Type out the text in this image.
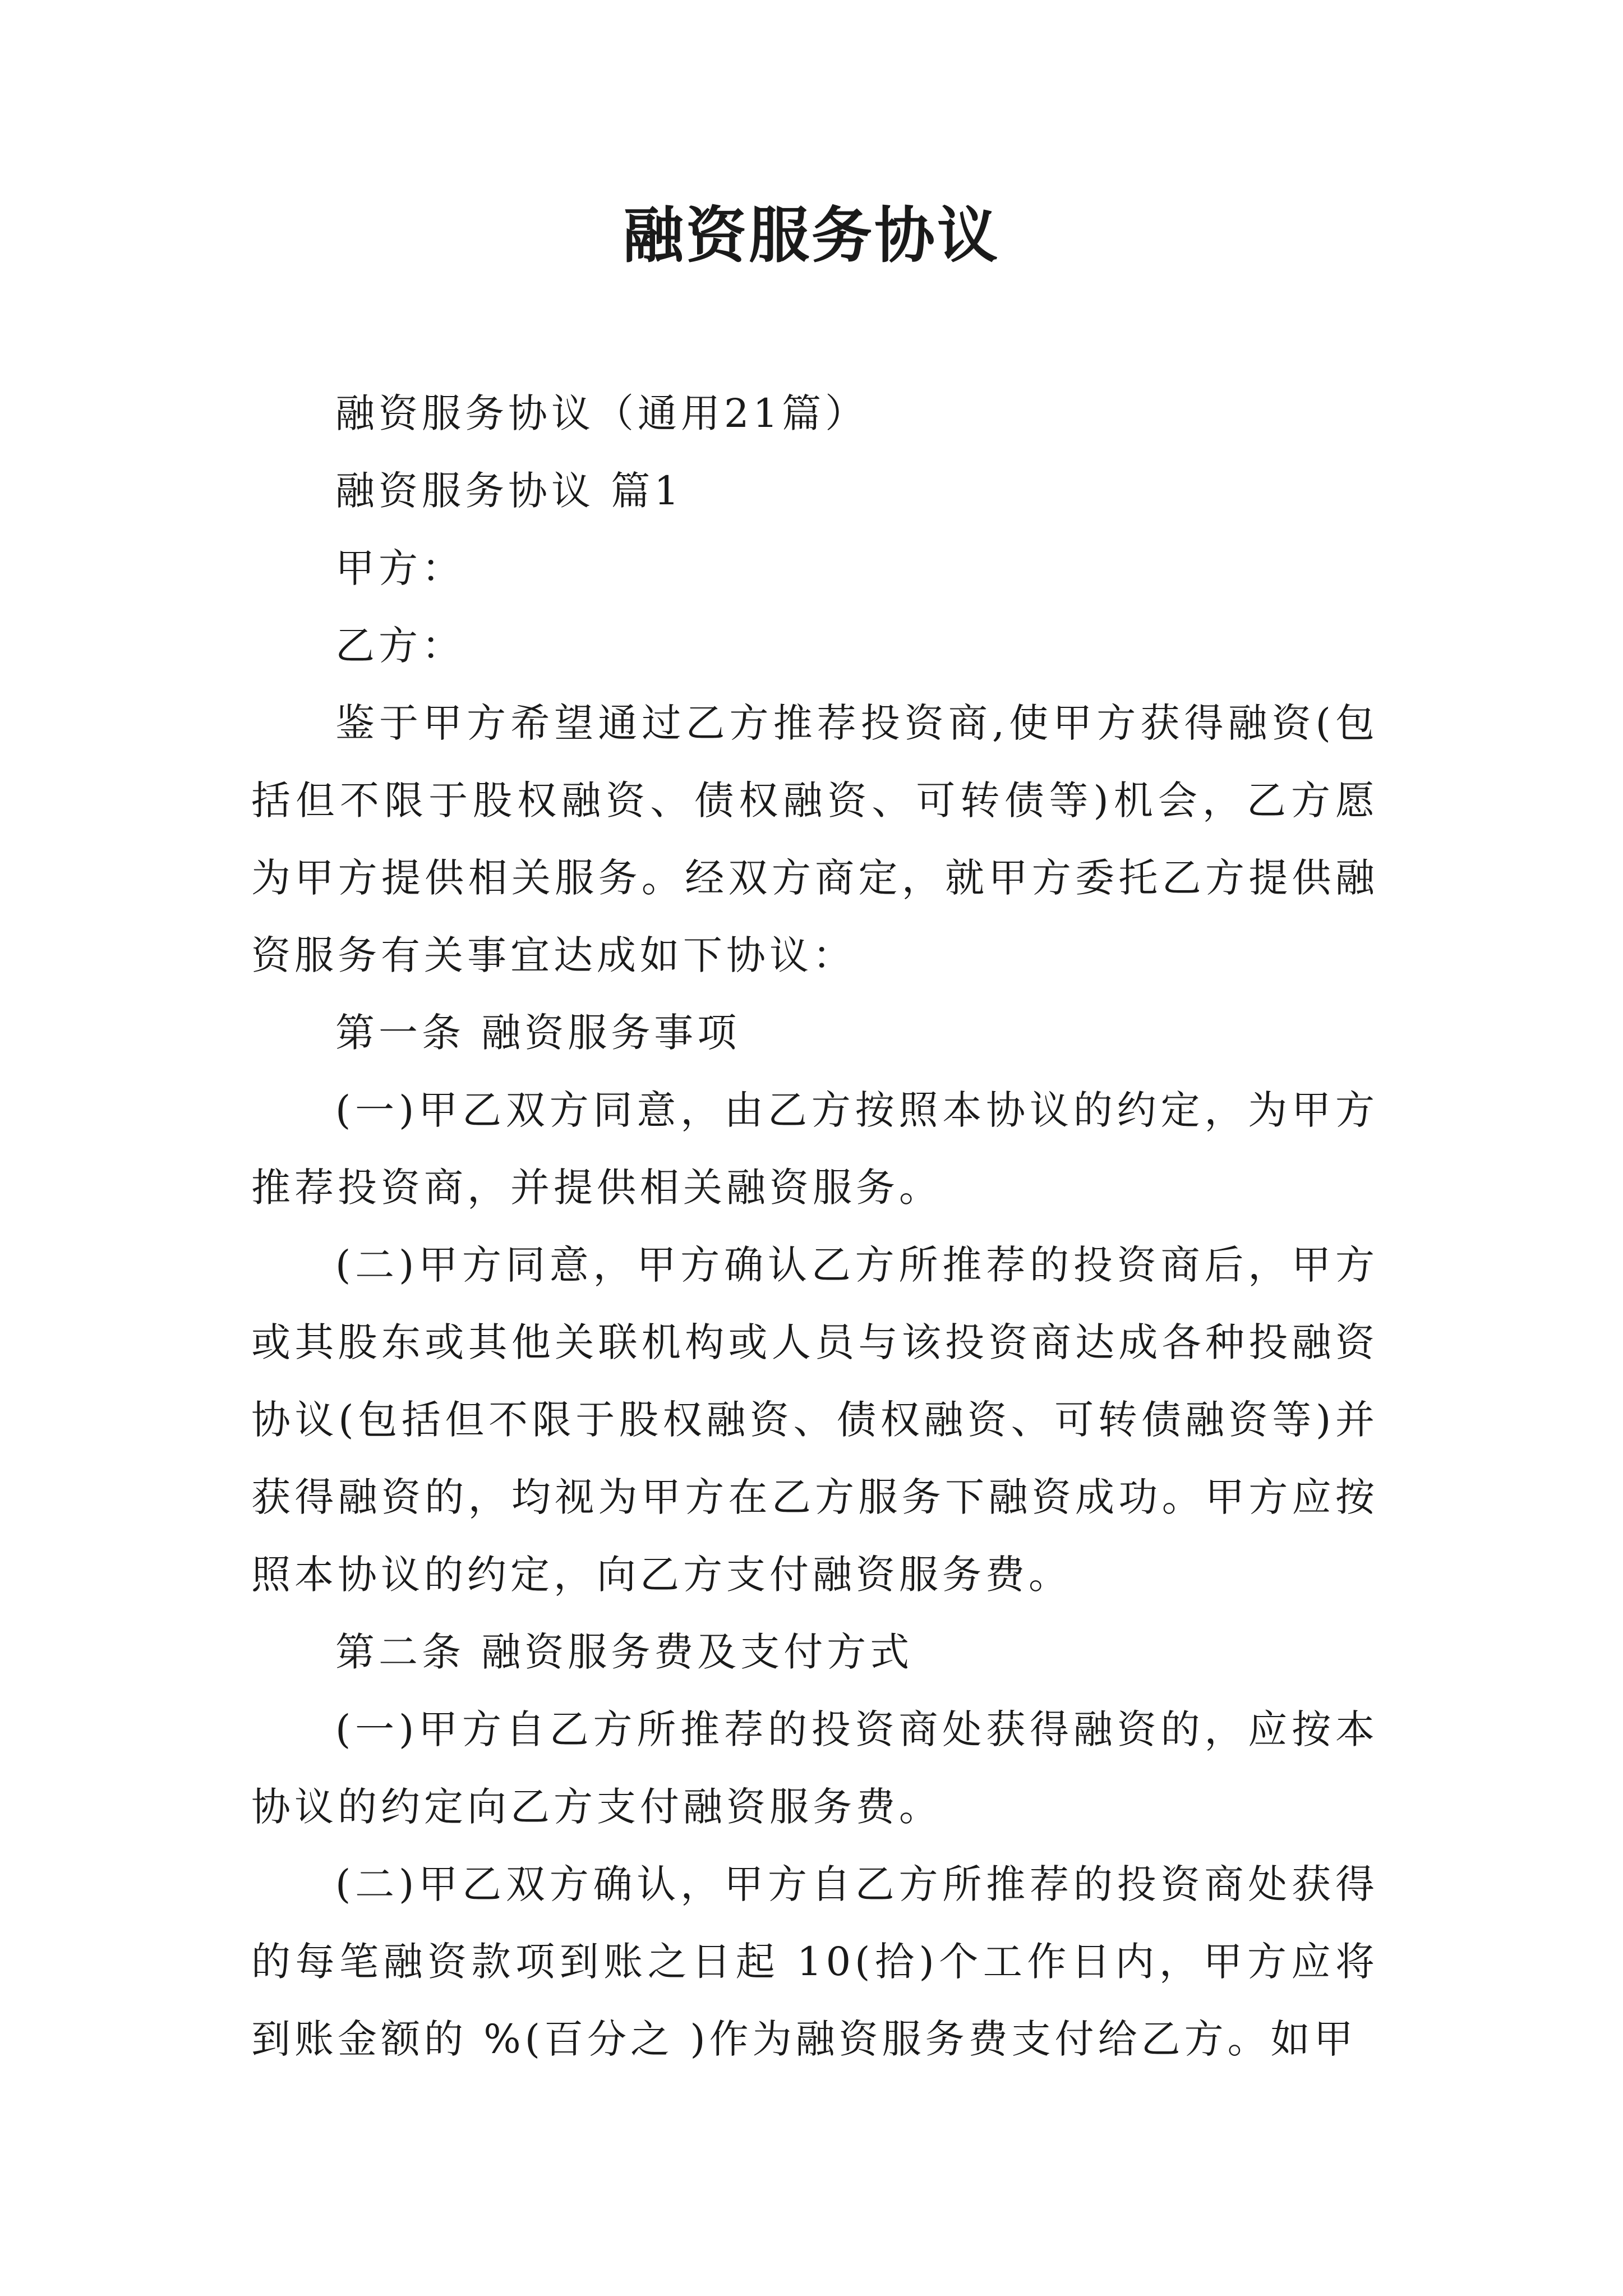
融资服务协议

融资服务协议（通用21篇）

融资服务协议 篇1

甲方：

乙方：

鉴于甲方希望通过乙方推荐投资商,使甲方获得融资(包括但不限于股权融资、债权融资、可转债等)机会，乙方愿为甲方提供相关服务。经双方商定，就甲方委托乙方提供融资服务有关事宜达成如下协议：

第一条 融资服务事项

(一)甲乙双方同意，由乙方按照本协议的约定，为甲方推荐投资商，并提供相关融资服务。

(二)甲方同意，甲方确认乙方所推荐的投资商后，甲方或其股东或其他关联机构或人员与该投资商达成各种投融资协议(包括但不限于股权融资、债权融资、可转债融资等)并获得融资的，均视为甲方在乙方服务下融资成功。甲方应按照本协议的约定，向乙方支付融资服务费。

第二条 融资服务费及支付方式

(一)甲方自乙方所推荐的投资商处获得融资的，应按本协议的约定向乙方支付融资服务费。

(二)甲乙双方确认，甲方自乙方所推荐的投资商处获得的每笔融资款项到账之日起 10(拾)个工作日内，甲方应将到账金额的 %(百分之 )作为融资服务费支付给乙方。如甲
